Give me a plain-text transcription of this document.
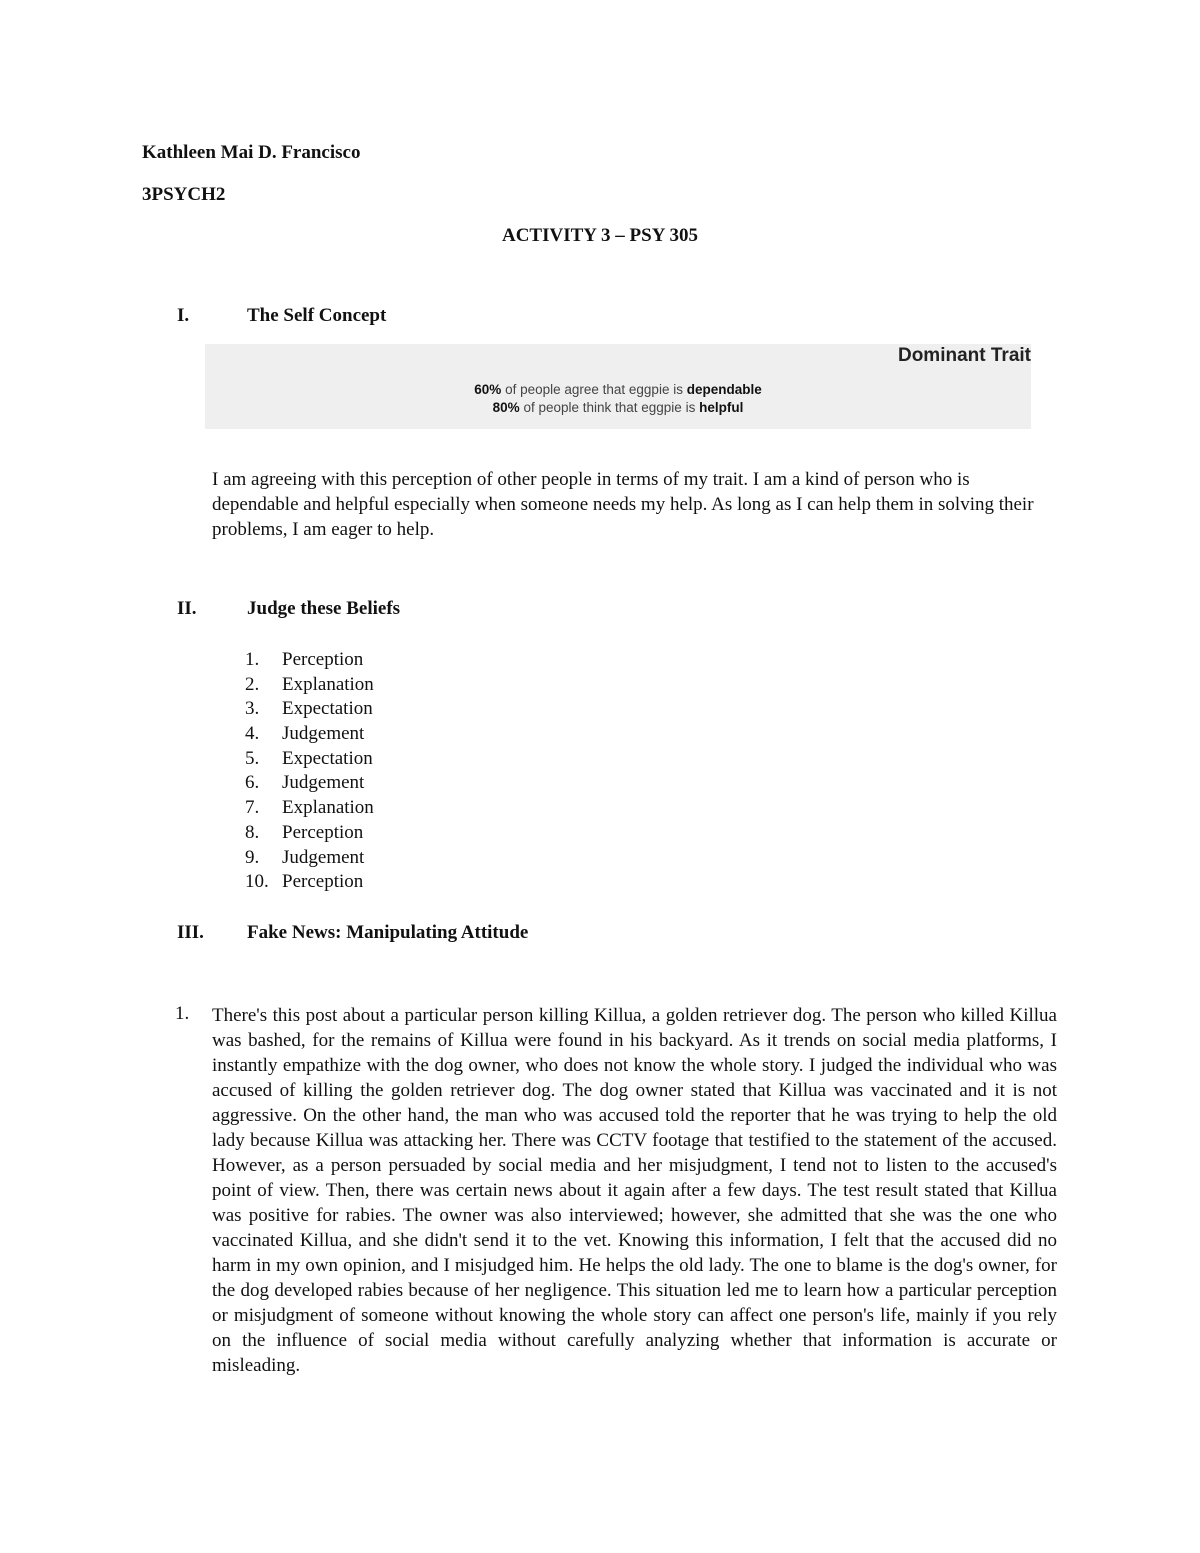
Kathleen Mai D. Francisco
3PSYCH2
ACTIVITY 3 – PSY 305
I.	The Self Concept
Dominant Trait
60% of people agree that eggpie is dependable
80% of people think that eggpie is helpful
I am agreeing with this perception of other people in terms of my trait. I am a kind of person who is dependable and helpful especially when someone needs my help. As long as I can help them in solving their problems, I am eager to help.
II.	Judge these Beliefs
1. Perception
2. Explanation
3. Expectation
4. Judgement
5. Expectation
6. Judgement
7. Explanation
8. Perception
9. Judgement
10. Perception
III. Fake News: Manipulating Attitude
1. There's this post about a particular person killing Killua, a golden retriever dog. The person who killed Killua was bashed, for the remains of Killua were found in his backyard. As it trends on social media platforms, I instantly empathize with the dog owner, who does not know the whole story. I judged the individual who was accused of killing the golden retriever dog. The dog owner stated that Killua was vaccinated and it is not aggressive. On the other hand, the man who was accused told the reporter that he was trying to help the old lady because Killua was attacking her. There was CCTV footage that testified to the statement of the accused. However, as a person persuaded by social media and her misjudgment, I tend not to listen to the accused's point of view. Then, there was certain news about it again after a few days. The test result stated that Killua was positive for rabies. The owner was also interviewed; however, she admitted that she was the one who vaccinated Killua, and she didn't send it to the vet. Knowing this information, I felt that the accused did no harm in my own opinion, and I misjudged him. He helps the old lady. The one to blame is the dog's owner, for the dog developed rabies because of her negligence. This situation led me to learn how a particular perception or misjudgment of someone without knowing the whole story can affect one person's life, mainly if you rely on the influence of social media without carefully analyzing whether that information is accurate or misleading.
